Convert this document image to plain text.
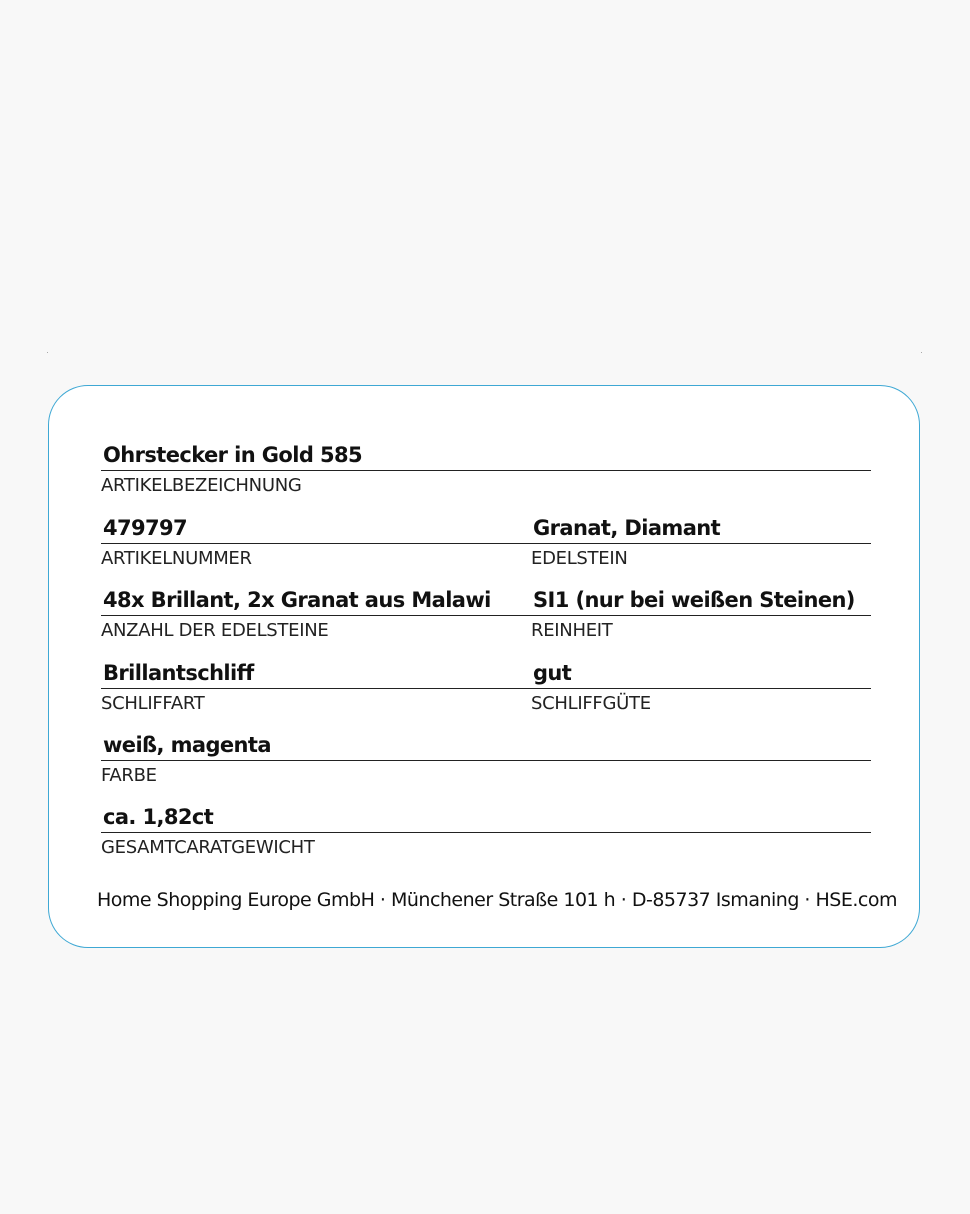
Ohrstecker in Gold 585
ARTIKELBEZEICHNUNG
479797
ARTIKELNUMMER
Granat, Diamant
EDELSTEIN
48x Brillant, 2x Granat aus Malawi
ANZAHL DER EDELSTEINE
SI1 (nur bei weißen Steinen)
REINHEIT
Brillantschliff
SCHLIFFART
gut
SCHLIFFGÜTE
weiß, magenta
FARBE
ca. 1,82ct
GESAMTCARATGEWICHT
Home Shopping Europe GmbH · Münchener Straße 101 h · D-85737 Ismaning · HSE.com
